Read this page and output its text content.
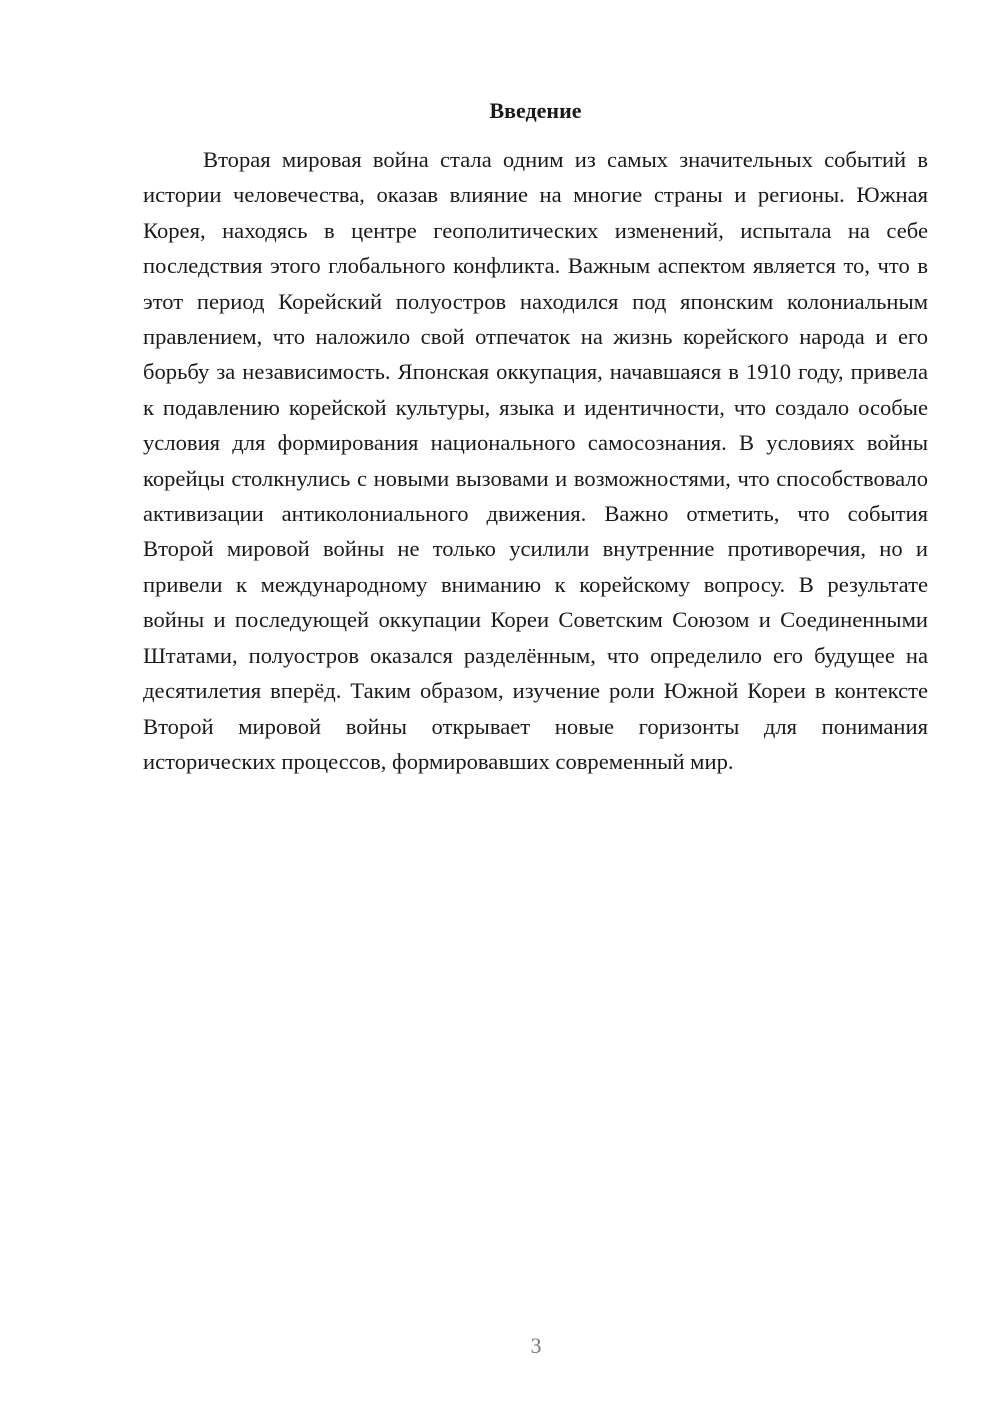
Введение

Вторая мировая война стала одним из самых значительных событий в истории человечества, оказав влияние на многие страны и регионы. Южная Корея, находясь в центре геополитических изменений, испытала на себе последствия этого глобального конфликта. Важным аспектом является то, что в этот период Корейский полуостров находился под японским колониальным правлением, что наложило свой отпечаток на жизнь корейского народа и его борьбу за независимость. Японская оккупация, начавшаяся в 1910 году, привела к подавлению корейской культуры, языка и идентичности, что создало особые условия для формирования национального самосознания. В условиях войны корейцы столкнулись с новыми вызовами и возможностями, что способствовало активизации антиколониального движения. Важно отметить, что события Второй мировой войны не только усилили внутренние противоречия, но и привели к международному вниманию к корейскому вопросу. В результате войны и последующей оккупации Кореи Советским Союзом и Соединенными Штатами, полуостров оказался разделённым, что определило его будущее на десятилетия вперёд. Таким образом, изучение роли Южной Кореи в контексте Второй мировой войны открывает новые горизонты для понимания исторических процессов, формировавших современный мир.

3
